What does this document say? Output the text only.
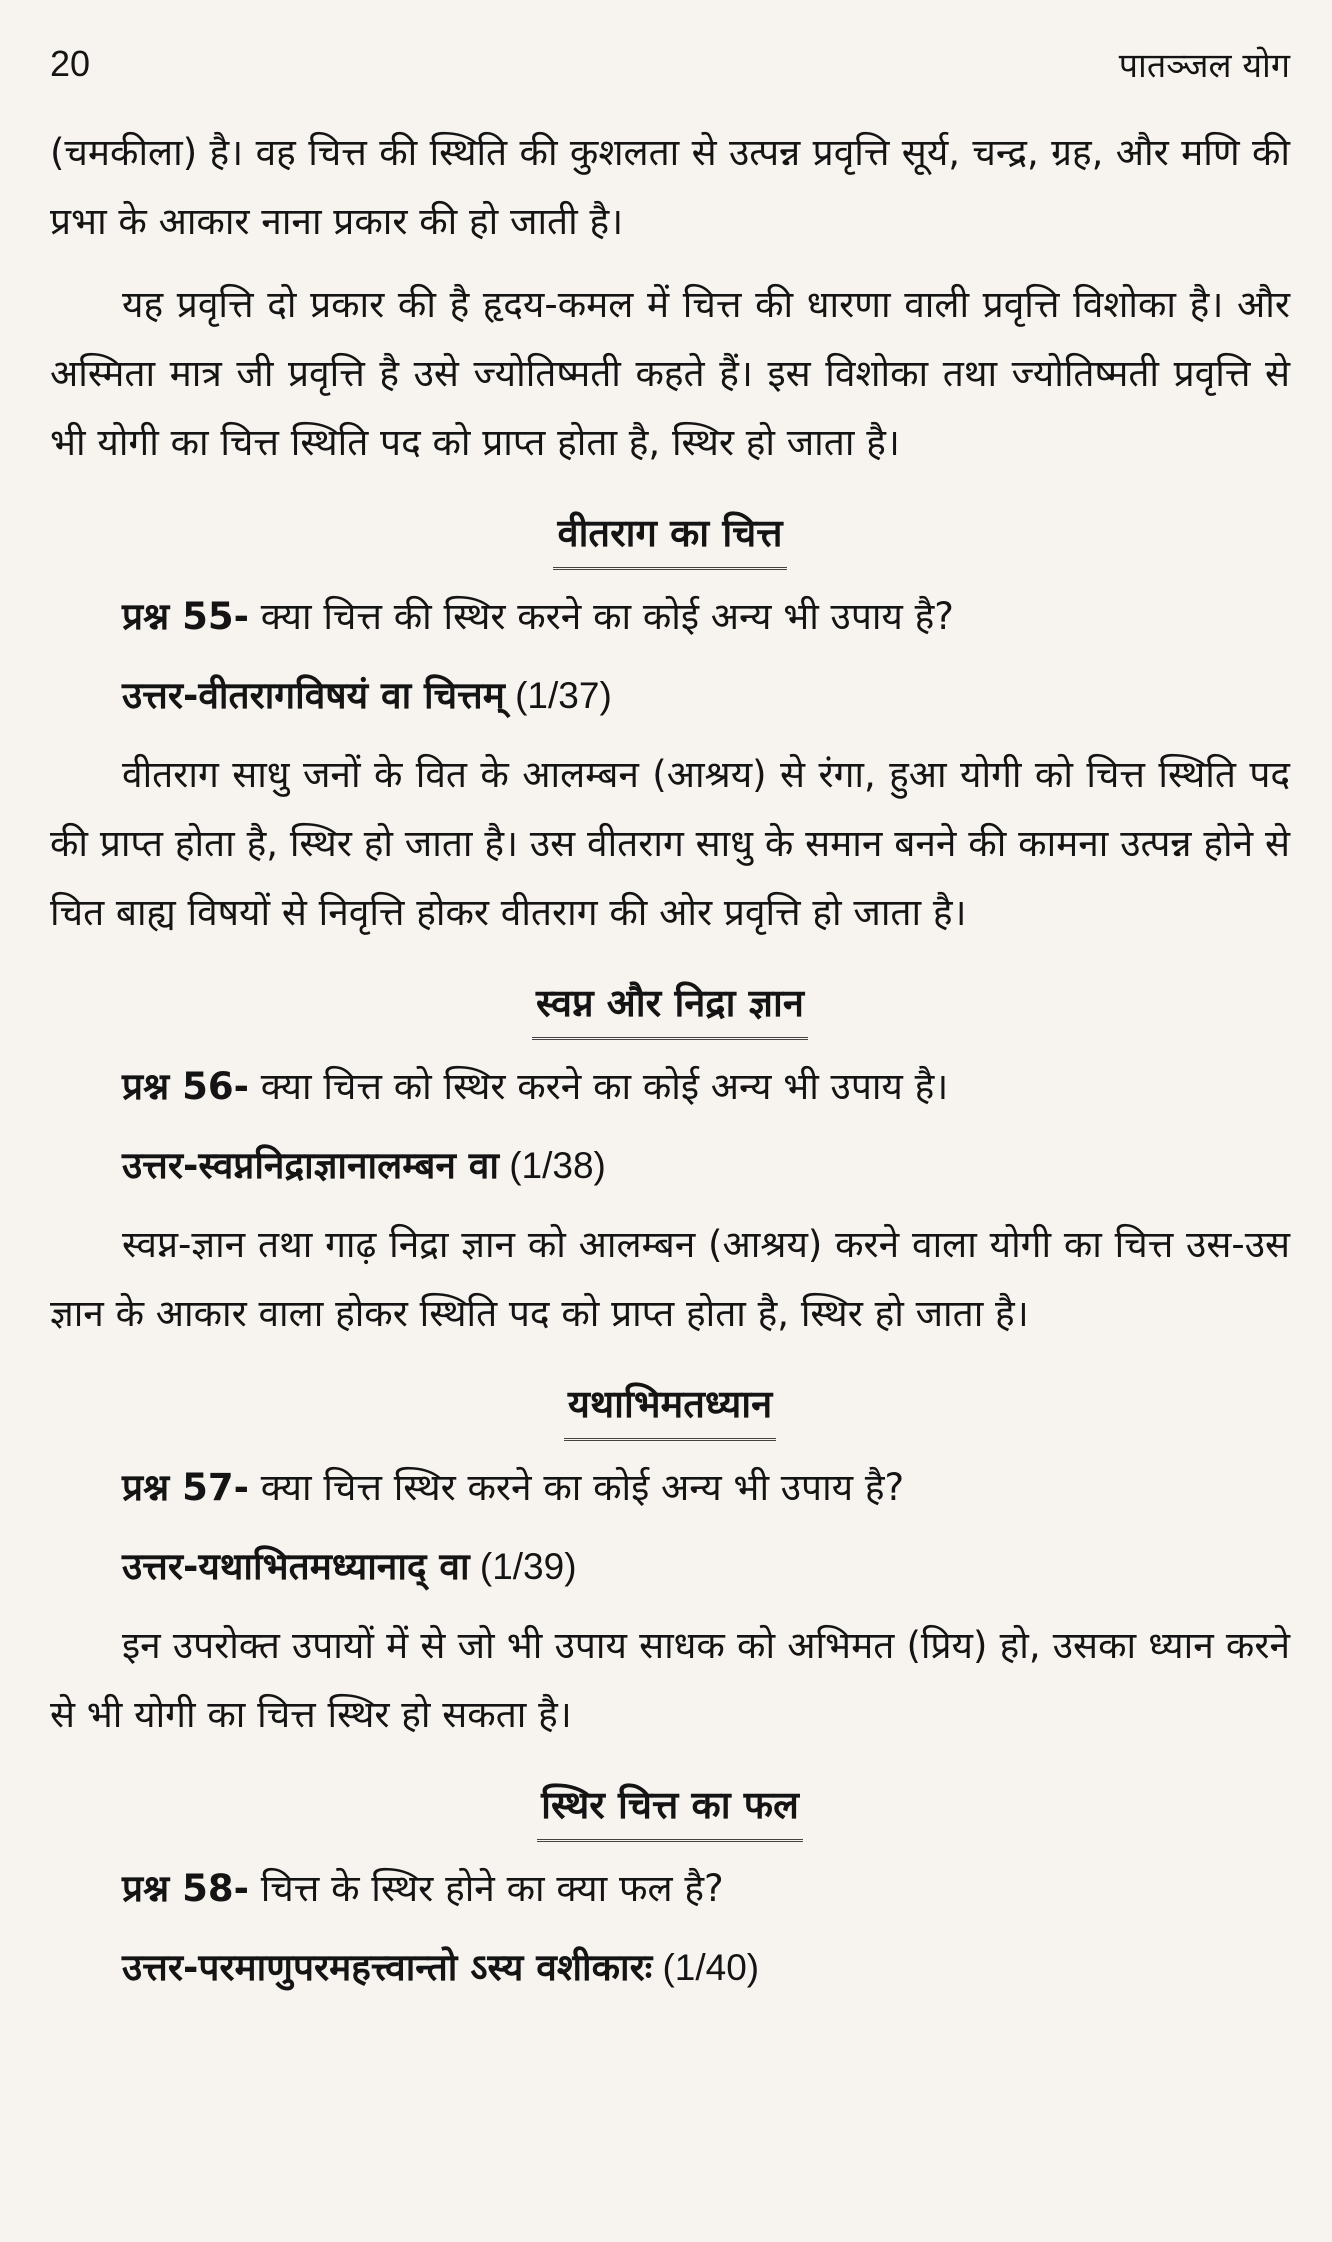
20	पातञ्जल योग

(चमकीला) है। वह चित्त की स्थिति की कुशलता से उत्पन्न प्रवृत्ति सूर्य, चन्द्र, ग्रह, और मणि की प्रभा के आकार नाना प्रकार की हो जाती है।

यह प्रवृत्ति दो प्रकार की है हृदय-कमल में चित्त की धारणा वाली प्रवृत्ति विशोका है। और अस्मिता मात्र जी प्रवृत्ति है उसे ज्योतिष्मती कहते हैं। इस विशोका तथा ज्योतिष्मती प्रवृत्ति से भी योगी का चित्त स्थिति पद को प्राप्त होता है, स्थिर हो जाता है।

वीतराग का चित्त
प्रश्न 55- क्या चित्त की स्थिर करने का कोई अन्य भी उपाय है?
उत्तर-वीतरागविषयं वा चित्तम् (1/37)

वीतराग साधु जनों के वित के आलम्बन (आश्रय) से रंगा, हुआ योगी को चित्त स्थिति पद की प्राप्त होता है, स्थिर हो जाता है। उस वीतराग साधु के समान बनने की कामना उत्पन्न होने से चित बाह्य विषयों से निवृत्ति होकर वीतराग की ओर प्रवृत्ति हो जाता है।

स्वप्न और निद्रा ज्ञान
प्रश्न 56- क्या चित्त को स्थिर करने का कोई अन्य भी उपाय है।
उत्तर-स्वप्ननिद्राज्ञानालम्बन वा (1/38)

स्वप्न-ज्ञान तथा गाढ़ निद्रा ज्ञान को आलम्बन (आश्रय) करने वाला योगी का चित्त उस-उस ज्ञान के आकार वाला होकर स्थिति पद को प्राप्त होता है, स्थिर हो जाता है।

यथाभिमतध्यान
प्रश्न 57- क्या चित्त स्थिर करने का कोई अन्य भी उपाय है?
उत्तर-यथाभितमध्यानाद् वा (1/39)

इन उपरोक्त उपायों में से जो भी उपाय साधक को अभिमत (प्रिय) हो, उसका ध्यान करने से भी योगी का चित्त स्थिर हो सकता है।

स्थिर चित्त का फल
प्रश्न 58- चित्त के स्थिर होने का क्या फल है?
उत्तर-परमाणुपरमहत्त्वान्तो ऽस्य वशीकारः (1/40)
